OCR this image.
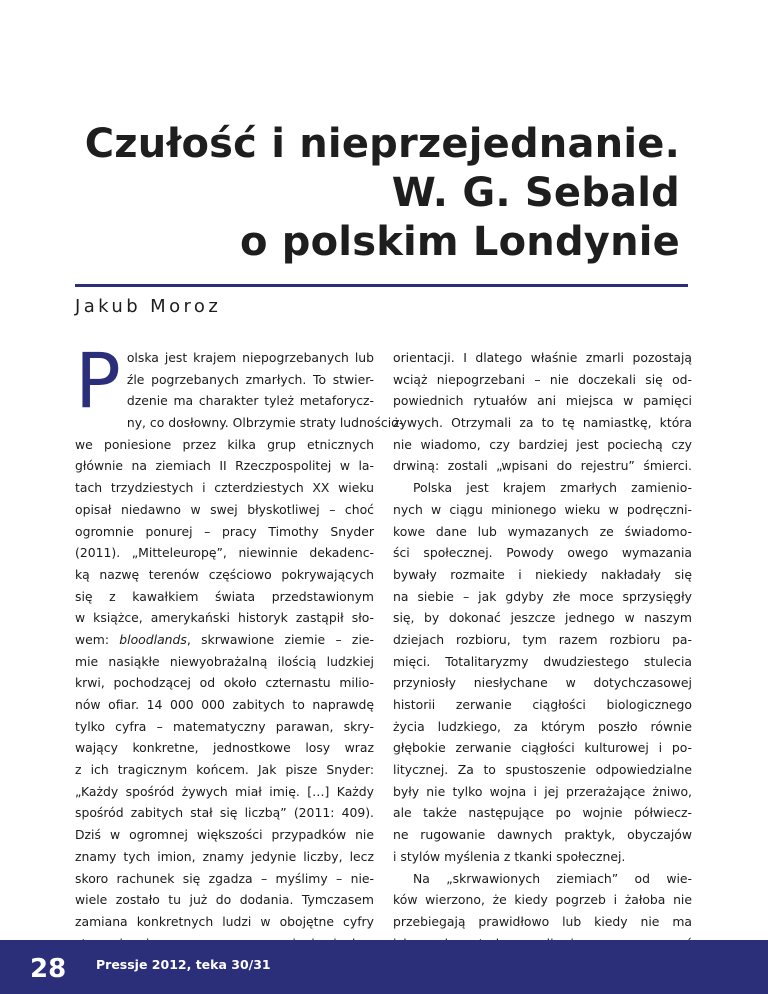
Czułość i nieprzejednanie.
W. G. Sebald
o polskim Londynie
Jakub Moroz
P olska jest krajem niepogrzebanych lub
źle pogrzebanych zmarłych. To stwier-
dzenie ma charakter tyleż metaforycz-
ny, co dosłowny. Olbrzymie straty ludnościo-
we poniesione przez kilka grup etnicznych
głównie na ziemiach II Rzeczpospolitej w la-
tach trzydziestych i czterdziestych XX wieku
opisał niedawno w swej błyskotliwej – choć
ogromnie ponurej – pracy Timothy Snyder
(2011). „Mitteleuropę”, niewinnie dekadenc-
ką nazwę terenów częściowo pokrywających
się z kawałkiem świata przedstawionym
w książce, amerykański historyk zastąpił sło-
wem: bloodlands, skrwawione ziemie – zie-
mie nasiąkłe niewyobrażalną ilością ludzkiej
krwi, pochodzącej od około czternastu milio-
nów ofiar. 14 000 000 zabitych to naprawdę
tylko cyfra – matematyczny parawan, skry-
wający konkretne, jednostkowe losy wraz
z ich tragicznym końcem. Jak pisze Snyder:
„Każdy spośród żywych miał imię. […] Każdy
spośród zabitych stał się liczbą” (2011: 409).
Dziś w ogromnej większości przypadków nie
znamy tych imion, znamy jedynie liczby, lecz
skoro rachunek się zgadza – myślimy – nie-
wiele zostało tu już do dodania. Tymczasem
zamiana konkretnych ludzi w obojętne cyfry
orientacji. I dlatego właśnie zmarli pozostają
wciąż niepogrzebani – nie doczekali się od-
powiednich rytuałów ani miejsca w pamięci
żywych. Otrzymali za to tę namiastkę, która
nie wiadomo, czy bardziej jest pociechą czy
drwiną: zostali „wpisani do rejestru” śmierci.
Polska jest krajem zmarłych zamienio-
nych w ciągu minionego wieku w podręczni-
kowe dane lub wymazanych ze świadomo-
ści społecznej. Powody owego wymazania
bywały rozmaite i niekiedy nakładały się
na siebie – jak gdyby złe moce sprzysięgły
się, by dokonać jeszcze jednego w naszym
dziejach rozbioru, tym razem rozbioru pa-
mięci. Totalitaryzmy dwudziestego stulecia
przyniosły niesłychane w dotychczasowej
historii zerwanie ciągłości biologicznego
życia ludzkiego, za którym poszło równie
głębokie zerwanie ciągłości kulturowej i po-
litycznej. Za to spustoszenie odpowiedzialne
były nie tylko wojna i jej przerażające żniwo,
ale także następujące po wojnie półwiecz-
ne rugowanie dawnych praktyk, obyczajów
i stylów myślenia z tkanki społecznej.
Na „skrwawionych ziemiach” od wie-
ków wierzono, że kiedy pogrzeb i żałoba nie
przebiegają prawidłowo lub kiedy nie ma
28 Pressje 2012, teka 30/31
